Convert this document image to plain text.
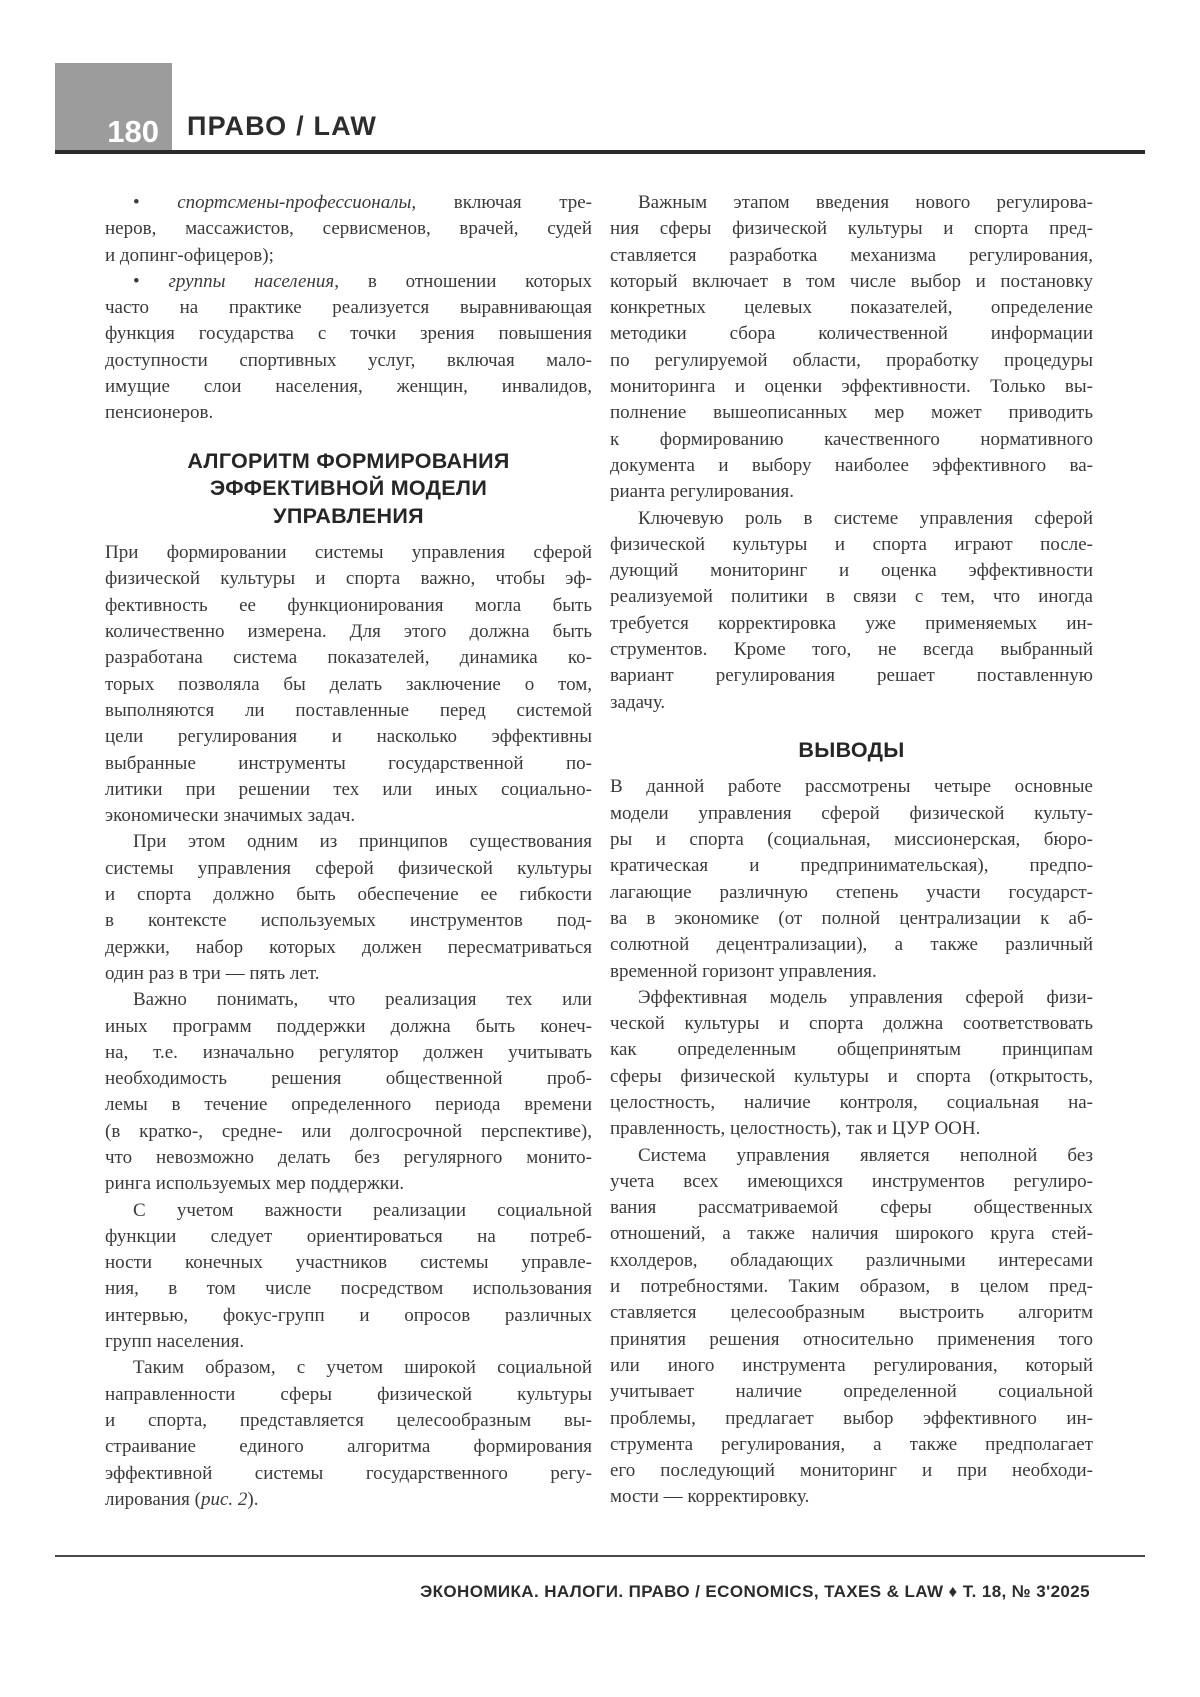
180 ПРАВО / LAW
• спортсмены-профессионалы, включая тре-
неров, массажистов, сервисменов, врачей, судей
и допинг-офицеров);
• группы населения, в отношении которых
часто на практике реализуется выравнивающая
функция государства с точки зрения повышения
доступности спортивных услуг, включая мало-
имущие слои населения, женщин, инвалидов,
пенсионеров.
АЛГОРИТМ ФОРМИРОВАНИЯ
ЭФФЕКТИВНОЙ МОДЕЛИ
УПРАВЛЕНИЯ
При формировании системы управления сферой
физической культуры и спорта важно, чтобы эф-
фективность ее функционирования могла быть
количественно измерена. Для этого должна быть
разработана система показателей, динамика ко-
торых позволяла бы делать заключение о том,
выполняются ли поставленные перед системой
цели регулирования и насколько эффективны
выбранные инструменты государственной по-
литики при решении тех или иных социально-
экономически значимых задач.
При этом одним из принципов существования
системы управления сферой физической культуры
и спорта должно быть обеспечение ее гибкости
в контексте используемых инструментов под-
держки, набор которых должен пересматриваться
один раз в три — пять лет.
Важно понимать, что реализация тех или
иных программ поддержки должна быть конеч-
на, т.е. изначально регулятор должен учитывать
необходимость решения общественной проб-
лемы в течение определенного периода времени
(в кратко-, средне- или долгосрочной перспективе),
что невозможно делать без регулярного монито-
ринга используемых мер поддержки.
С учетом важности реализации социальной
функции следует ориентироваться на потреб-
ности конечных участников системы управле-
ния, в том числе посредством использования
интервью, фокус-групп и опросов различных
групп населения.
Таким образом, с учетом широкой социальной
направленности сферы физической культуры
и спорта, представляется целесообразным вы-
страивание единого алгоритма формирования
эффективной системы государственного регу-
лирования (рис. 2).
Важным этапом введения нового регулирова-
ния сферы физической культуры и спорта пред-
ставляется разработка механизма регулирования,
который включает в том числе выбор и постановку
конкретных целевых показателей, определение
методики сбора количественной информации
по регулируемой области, проработку процедуры
мониторинга и оценки эффективности. Только вы-
полнение вышеописанных мер может приводить
к формированию качественного нормативного
документа и выбору наиболее эффективного ва-
рианта регулирования.
Ключевую роль в системе управления сферой
физической культуры и спорта играют после-
дующий мониторинг и оценка эффективности
реализуемой политики в связи с тем, что иногда
требуется корректировка уже применяемых ин-
струментов. Кроме того, не всегда выбранный
вариант регулирования решает поставленную
задачу.
ВЫВОДЫ
В данной работе рассмотрены четыре основные
модели управления сферой физической культу-
ры и спорта (социальная, миссионерская, бюро-
кратическая и предпринимательская), предпо-
лагающие различную степень участи государст-
ва в экономике (от полной централизации к аб-
солютной децентрализации), а также различный
временной горизонт управления.
Эффективная модель управления сферой физи-
ческой культуры и спорта должна соответствовать
как определенным общепринятым принципам
сферы физической культуры и спорта (открытость,
целостность, наличие контроля, социальная на-
правленность, целостность), так и ЦУР ООН.
Система управления является неполной без
учета всех имеющихся инструментов регулиро-
вания рассматриваемой сферы общественных
отношений, а также наличия широкого круга стей-
кхолдеров, обладающих различными интересами
и потребностями. Таким образом, в целом пред-
ставляется целесообразным выстроить алгоритм
принятия решения относительно применения того
или иного инструмента регулирования, который
учитывает наличие определенной социальной
проблемы, предлагает выбор эффективного ин-
струмента регулирования, а также предполагает
его последующий мониторинг и при необходи-
мости — корректировку.
ЭКОНОМИКА. НАЛОГИ. ПРАВО / ECONOMICS, TAXES & LAW ♦ Т. 18, № 3'2025
